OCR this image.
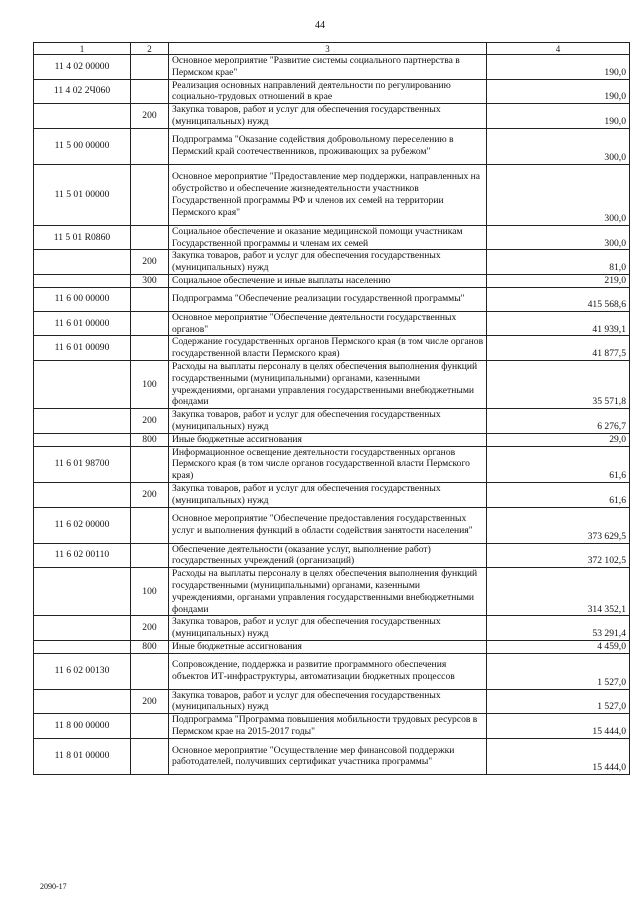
44
1	2	3	4
11 4 02 00000		Основное мероприятие "Развитие системы социального партнерства в Пермском крае"	190,0
11 4 02 2Ч060		Реализация основных направлений деятельности по регулированию социально-трудовых отношений в крае	190,0
	200	Закупка товаров, работ и услуг для обеспечения государственных (муниципальных) нужд	190,0
11 5 00 00000		Подпрограмма "Оказание содействия добровольному переселению в Пермский край соотечественников, проживающих за рубежом"	300,0
11 5 01 00000		Основное мероприятие "Предоставление мер поддержки, направленных на обустройство и обеспечение жизнедеятельности участников Государственной программы РФ и членов их семей на территории Пермского края"	300,0
11 5 01 R0860		Социальное обеспечение и оказание медицинской помощи участникам Государственной программы и членам их семей	300,0
	200	Закупка товаров, работ и услуг для обеспечения государственных (муниципальных) нужд	81,0
	300	Социальное обеспечение и иные выплаты населению	219,0
11 6 00 00000		Подпрограмма "Обеспечение реализации государственной программы"	415 568,6
11 6 01 00000		Основное мероприятие "Обеспечение деятельности государственных органов"	41 939,1
11 6 01 00090		Содержание государственных органов Пермского края (в том числе органов государственной власти Пермского края)	41 877,5
	100	Расходы на выплаты персоналу в целях обеспечения выполнения функций государственными (муниципальными) органами, казенными учреждениями, органами управления государственными внебюджетными фондами	35 571,8
	200	Закупка товаров, работ и услуг для обеспечения государственных (муниципальных) нужд	6 276,7
	800	Иные бюджетные ассигнования	29,0
11 6 01 98700		Информационное освещение деятельности государственных органов Пермского края (в том числе органов государственной власти Пермского края)	61,6
	200	Закупка товаров, работ и услуг для обеспечения государственных (муниципальных) нужд	61,6
11 6 02 00000		Основное мероприятие "Обеспечение предоставления государственных услуг и выполнения функций в области содействия занятости населения"	373 629,5
11 6 02 00110		Обеспечение деятельности (оказание услуг, выполнение работ) государственных учреждений (организаций)	372 102,5
	100	Расходы на выплаты персоналу в целях обеспечения выполнения функций государственными (муниципальными) органами, казенными учреждениями, органами управления государственными внебюджетными фондами	314 352,1
	200	Закупка товаров, работ и услуг для обеспечения государственных (муниципальных) нужд	53 291,4
	800	Иные бюджетные ассигнования	4 459,0
11 6 02 00130		Сопровождение, поддержка и развитие программного обеспечения объектов ИТ-инфраструктуры, автоматизации бюджетных процессов	1 527,0
	200	Закупка товаров, работ и услуг для обеспечения государственных (муниципальных) нужд	1 527,0
11 8 00 00000		Подпрограмма "Программа повышения мобильности трудовых ресурсов в Пермском крае на 2015-2017 годы"	15 444,0
11 8 01 00000		Основное мероприятие "Осуществление мер финансовой поддержки работодателей, получивших сертификат участника программы"	15 444,0
2090-17
